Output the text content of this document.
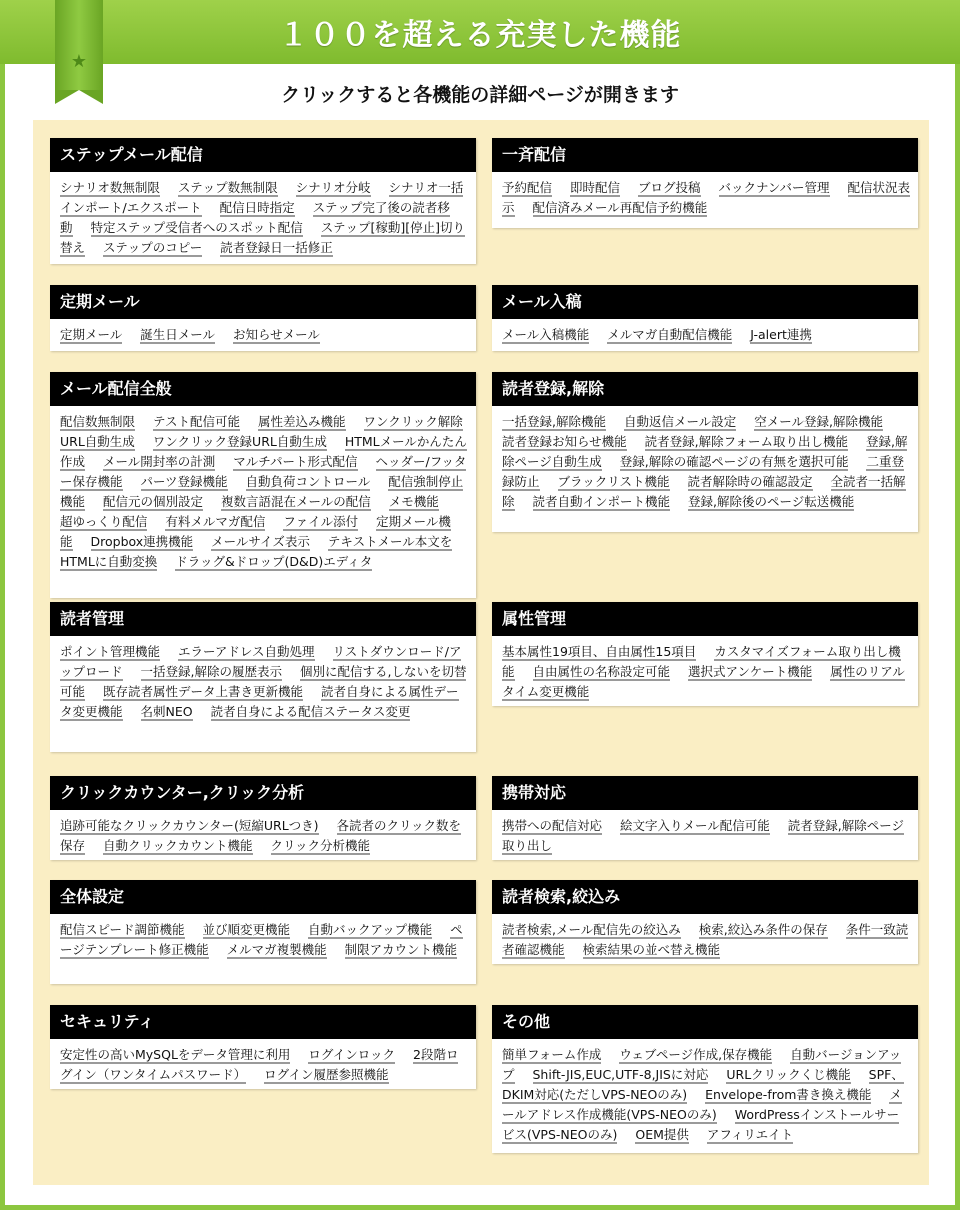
★
１００を超える充実した機能
クリックすると各機能の詳細ページが開きます
ステップメール配信
シナリオ数無制限 ステップ数無制限 シナリオ分岐 シナリオ一括インポート/エクスポート 配信日時指定 ステップ完了後の読者移動 特定ステップ受信者へのスポット配信 ステップ[稼動][停止]切り替え ステップのコピー 読者登録日一括修正
一斉配信
予約配信 即時配信 ブログ投稿 バックナンバー管理 配信状況表示 配信済みメール再配信予約機能
定期メール
定期メール 誕生日メール お知らせメール
メール入稿
メール入稿機能 メルマガ自動配信機能 J-alert連携
メール配信全般
配信数無制限 テスト配信可能 属性差込み機能 ワンクリック解除URL自動生成 ワンクリック登録URL自動生成 HTMLメールかんたん作成 メール開封率の計測 マルチパート形式配信 ヘッダー/フッター保存機能 パーツ登録機能 自動負荷コントロール 配信強制停止機能 配信元の個別設定 複数言語混在メールの配信 メモ機能 超ゆっくり配信 有料メルマガ配信 ファイル添付 定期メール機能 Dropbox連携機能 メールサイズ表示 テキストメール本文をHTMLに自動変換 ドラッグ&ドロップ(D&D)エディタ
読者登録,解除
一括登録,解除機能 自動返信メール設定 空メール登録,解除機能 読者登録お知らせ機能 読者登録,解除フォーム取り出し機能 登録,解除ページ自動生成 登録,解除の確認ページの有無を選択可能 二重登録防止 ブラックリスト機能 読者解除時の確認設定 全読者一括解除 読者自動インポート機能 登録,解除後のページ転送機能
読者管理
ポイント管理機能 エラーアドレス自動処理 リストダウンロード/アップロード 一括登録,解除の履歴表示 個別に配信する,しないを切替可能 既存読者属性データ上書き更新機能 読者自身による属性データ変更機能 名刺NEO 読者自身による配信ステータス変更
属性管理
基本属性19項目、自由属性15項目 カスタマイズフォーム取り出し機能 自由属性の名称設定可能 選択式アンケート機能 属性のリアルタイム変更機能
クリックカウンター,クリック分析
追跡可能なクリックカウンター(短縮URLつき) 各読者のクリック数を保存 自動クリックカウント機能 クリック分析機能
携帯対応
携帯への配信対応 絵文字入りメール配信可能 読者登録,解除ページ取り出し
全体設定
配信スピード調節機能 並び順変更機能 自動バックアップ機能 ページテンプレート修正機能 メルマガ複製機能 制限アカウント機能
読者検索,絞込み
読者検索,メール配信先の絞込み 検索,絞込み条件の保存 条件一致読者確認機能 検索結果の並べ替え機能
セキュリティ
安定性の高いMySQLをデータ管理に利用 ログインロック 2段階ログイン（ワンタイムパスワード） ログイン履歴参照機能
その他
簡単フォーム作成 ウェブページ作成,保存機能 自動バージョンアップ Shift-JIS,EUC,UTF-8,JISに対応 URLクリックくじ機能 SPF、DKIM対応(ただしVPS-NEOのみ) Envelope-from書き換え機能 メールアドレス作成機能(VPS-NEOのみ) WordPressインストールサービス(VPS-NEOのみ) OEM提供 アフィリエイト
